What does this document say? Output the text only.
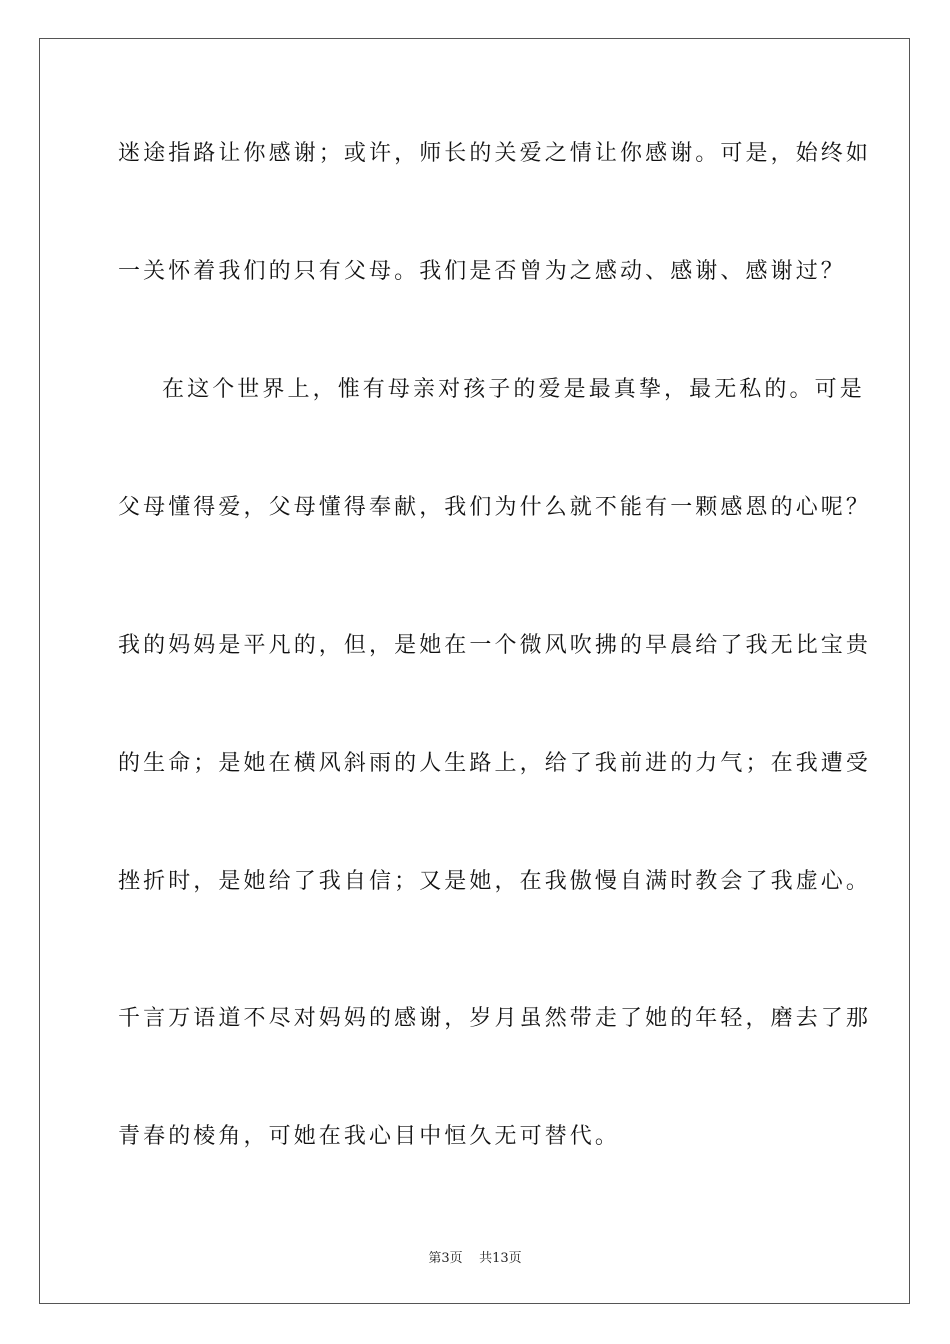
迷途指路让你感谢；或许，师长的关爱之情让你感谢。可是，始终如
一关怀着我们的只有父母。我们是否曾为之感动、感谢、感谢过？
在这个世界上，惟有母亲对孩子的爱是最真挚，最无私的。可是
父母懂得爱，父母懂得奉献，我们为什么就不能有一颗感恩的心呢？
我的妈妈是平凡的，但，是她在一个微风吹拂的早晨给了我无比宝贵
的生命；是她在横风斜雨的人生路上，给了我前进的力气；在我遭受
挫折时，是她给了我自信；又是她，在我傲慢自满时教会了我虚心。
千言万语道不尽对妈妈的感谢，岁月虽然带走了她的年轻，磨去了那
青春的棱角，可她在我心目中恒久无可替代。
第3页 共13页
